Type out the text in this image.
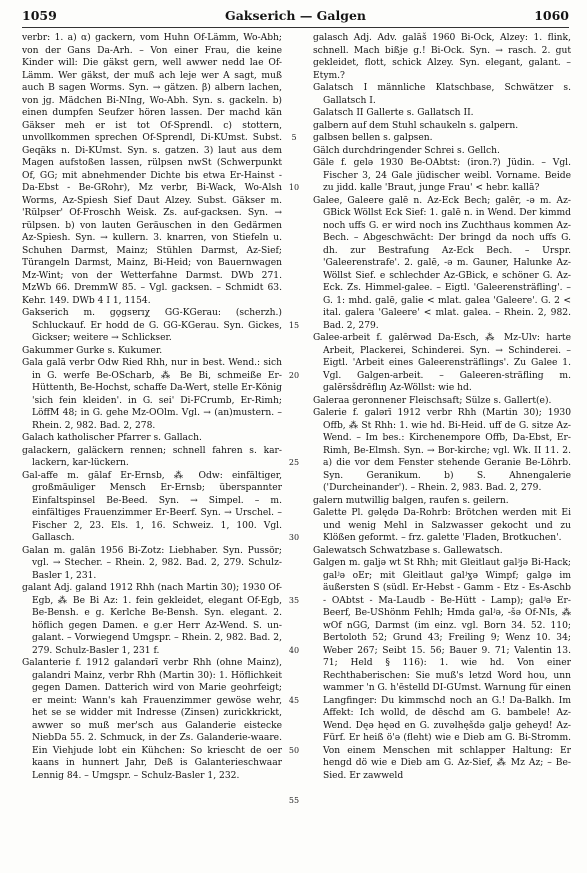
1059	Gakserich — Galgen	1060

verbr: 1. a) α) gackern, vom Huhn Of-Lämm, Wo-Abh; von der Gans Da-Arh. – Von einer Frau, die keine Kinder will: Die gäkst gern, well awwer nedd lae Of-Lämm. Wer gäkst, der muß ach leje wer A sagt, muß auch B sagen Worms. Syn. → gätzen. β) albern lachen, von jg. Mädchen Bi-NIng, Wo-Abh. Syn. s. gackeln. b) einen dumpfen Seufzer hören lassen. Der machd kän Gäkser meh er ist tot Of-Sprendl. c) stottern, unvollkommen sprechen Of-Sprendl, Di-KUmst. Subst. Geqäks n. Di-KUmst. Syn. s. gatzen. 3) laut aus dem Magen aufstoßen lassen, rülpsen nwSt (Schwerpunkt Of, GG; mit abnehmender Dichte bis etwa Er-Hainst - Da-Ebst - Be-GRohr), Mz verbr, Bi-Wack, Wo-Alsh Worms, Az-Spiesh Sief Daut Alzey. Subst. Gäkser m. 'Rülpser' Of-Froschh Weisk. Zs. auf-gacksen. Syn. → rülpsen. b) von lauten Geräuschen in den Gedärmen Az-Spiesh. Syn. → kullern. 3. knarren, von Stiefeln u. Schuhen Darmst, Mainz; Stühlen Darmst, Az-Sief; Türangeln Darmst, Mainz, Bi-Heid; von Bauernwagen Mz-Wint; von der Wetterfahne Darmst. DWb 271. MzWb 66. DremmW 85. – Vgl. gacksen. – Schmidt 63. Kehr. 149. DWb 4 I 1, 1154.

Gakserich m. gǫgsɐrıχ GG-KGerau: (scherzh.) Schluckauf. Er hodd de G. GG-KGerau. Syn. Gickes, Gickser; weitere → Schlickser.

Gakummer Gurke s. Kukumer.

Gala galā verbr Odw Ried Rhh, nur in best. Wend.: sich in G. werfe Be-OScharb, ⁂ Be Bi, schmeiße Er-Hüttenth, Be-Hochst, schaffe Da-Wert, stelle Er-König 'sich fein kleiden'. in G. sei' Di-FCrumb, Er-Rimh; LöffM 48; in G. gehe Mz-OOlm. Vgl. → (an)mustern. – Rhein. 2, 982. Bad. 2, 278.

Galach katholischer Pfarrer s. Gallach.

galackern, galäckern rennen; schnell fahren s. kar-lackern, kar-lückern.

Gal-affe m. gālaf Er-Ernsb, ⁂ Odw: einfältiger, großmäuliger Mensch Er-Ernsb; überspannter Einfaltspinsel Be-Beed. Syn. → Simpel. – m. einfältiges Frauenzimmer Er-Beerf. Syn. → Urschel. – Fischer 2, 23. Els. 1, 16. Schweiz. 1, 100. Vgl. Gallasch.

Galan m. galān 1956 Bi-Zotz: Liebhaber. Syn. Pussör; vgl. → Stecher. – Rhein. 2, 982. Bad. 2, 279. Schulz-Basler 1, 231.

galant Adj. galand 1912 Rhh (nach Martin 30); 1930 Of-Egb, ⁂ Be Bi Az: 1. fein gekleidet, elegant Of-Egb, Be-Bensh. e g. Kerlche Be-Bensh. Syn. elegant. 2. höflich gegen Damen. e g.er Herr Az-Wend. S. un-galant. – Vorwiegend Umgspr. – Rhein. 2, 982. Bad. 2, 279. Schulz-Basler 1, 231 f.

Galanterie f. 1912 galandərī verbr Rhh (ohne Mainz), galandri Mainz, verbr Rhh (Martin 30): 1. Höflichkeit gegen Damen. Datterich wird von Marie geohrfeigt; er meint: Wann's kah Frauenzimmer gewöse wehr, het se se widder mit Indresse (Zinsen) zurickkrickt, awwer so muß mer'sch aus Galanderie eistecke NiebDa 55. 2. Schmuck, in der Zs. Galanderie-waare. Ein Viehjude lobt ein Kühchen: So kriescht de oer kaans in hunnert Jahr, Deß is Galanterieschwaar Lennig 84. – Umgspr. – Schulz-Basler 1, 232.

5
10
15
20
25
30
35
40
45
50
55

galasch Adj. Adv. galāš 1960 Bi-Ock, Alzey: 1. flink, schnell. Mach bißje g.! Bi-Ock. Syn. → rasch. 2. gut gekleidet, flott, schick Alzey. Syn. elegant, galant. – Etym.?

Galatsch I männliche Klatschbase, Schwätzer s. Gallatsch I.

Galatsch II Gallerte s. Gallatsch II.

galbern auf dem Stuhl schaukeln s. galpern.

galbsen bellen s. galpsen.

Gälch durchdringender Schrei s. Gellch.

Gäle f. gelə 1930 Be-OAbtst: (iron.?) Jüdin. – Vgl. Fischer 3, 24 Gale jüdischer weibl. Vorname. Beide zu jidd. kalle 'Braut, junge Frau' < hebr. kallā?

Galee, Galeere galē n. Az-Eck Bech; galēr, -ə m. Az-GBick Wöllst Eck Sief: 1. galē n. in Wend. Der kimmd noch uffs G. er wird noch ins Zuchthaus kommen Az-Bech. – Abgeschwächt: Der bringd da noch uffs G. dh. zur Bestrafung Az-Eck Bech. – Urspr. 'Galeerenstrafe'. 2. galē, -ə m. Gauner, Halunke Az-Wöllst Sief. e schlechder Az-GBick, e schöner G. Az-Eck. Zs. Himmel-galee. – Eigtl. 'Galeerensträfling'. – G. 1: mhd. galē, galie < mlat. galea 'Galeere'. G. 2 < ital. galera 'Galeere' < mlat. galea. – Rhein. 2, 982. Bad. 2, 279.

Galee-arbeit f. galērwəd Da-Esch, ⁂ Mz-Ulv: harte Arbeit, Plackerei, Schinderei. Syn. → Schinderei. – Eigtl. 'Arbeit eines Galeerensträflings'. Zu Galee 1. Vgl. Galgen-arbeit. – Galeeren-sträfling m. galērsšdrēflıŋ Az-Wöllst: wie hd.

Galeraa geronnener Fleischsaft; Sülze s. Gallert(e).

Galerie f. galərī 1912 verbr Rhh (Martin 30); 1930 Offb, ⁂ St Rhh: 1. wie hd. Bi-Heid. uff de G. sitze Az-Wend. – Im bes.: Kirchenempore Offb, Da-Ebst, Er-Rimh, Be-Elmsh. Syn. → Bor-kirche; vgl. Wk. II 11. 2. a) die vor dem Fenster stehende Geranie Be-Löhrb. Syn. Geranikum. b) S. Ahnengalerie ('Durcheinander'). – Rhein. 2, 983. Bad. 2, 279.

galern mutwillig balgen, raufen s. geilern.

Galette Pl. gəlędə Da-Rohrb: Brötchen werden mit Ei und wenig Mehl in Salzwasser gekocht und zu Klößen geformt. – frz. galette 'Fladen, Brotkuchen'.

Galewatsch Schwatzbase s. Gallewatsch.

Galgen m. galjə wt St Rhh; mit Gleitlaut galʲjə Bi-Hack; galʲə oEr; mit Gleitlaut galʲɣə Wimpf; galgə im äußersten S (südl. Er-Hebst - Gamm - Etz - Es-Aschb - OAbtst - Ma-Laudb - Be-Hütt - Lamp); galʲə Er-Beerf, Be-UShönm Fehlh; Hmda galʲə, -šə Of-NIs, ⁂ wOf nGG, Darmst (im einz. vgl. Born 34. 52. 110; Bertoloth 52; Grund 43; Freiling 9; Wenz 10. 34; Weber 267; Seibt 15. 56; Bauer 9. 71; Valentin 13. 71; Held § 116): 1. wie hd. Von einer Rechthaberischen: Sie muß's letzd Word hou, unn wammer 'n G. h'ēstelld DI-GUmst. Warnung für einen Langfinger: Du kimmschd noch an G.! Da-Balkh. Im Affekt: Ich wolld, de dēschd am G. bambele! Az-Wend. Dęə hęəd en G. zuvəlhęšdə galjə geheyd! Az-Fürf. Er heiß ö'ə (fleht) wie e Dieb am G. Bi-Stromm. Von einem Menschen mit schlapper Haltung: Er hengd dö wie e Dieb am G. Az-Sief, ⁂ Mz Az; – Be-Sied. Er zawweld
